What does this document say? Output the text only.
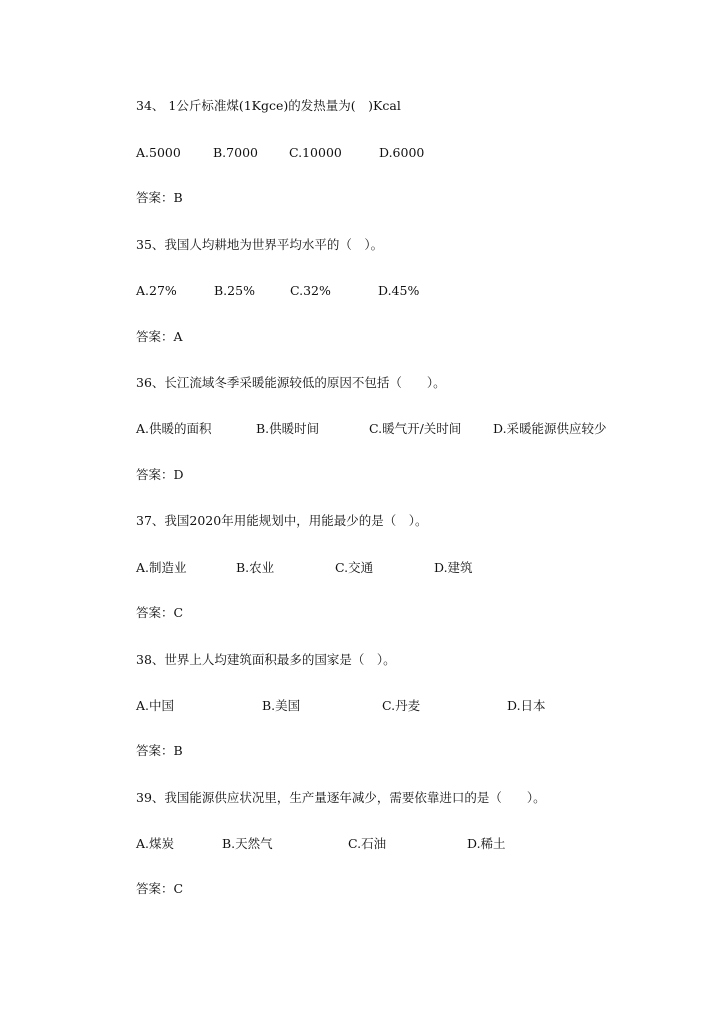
34、 1公斤标准煤(1Kgce)的发热量为(　)Kcal
A.5000	B.7000 C.10000	D.6000
答案：B
35、我国人均耕地为世界平均水平的（　）。
A.27%	B.25%	C.32%	D.45%
答案：A
36、长江流域冬季采暖能源较低的原因不包括（　　）。
A.供暖的面积	B.供暖时间	C.暖气开/关时间	D.采暖能源供应较少
答案：D
37、我国2020年用能规划中，用能最少的是（　）。
A.制造业	B.农业	C.交通	D.建筑
答案：C
38、世界上人均建筑面积最多的国家是（　）。
A.中国	B.美国	C.丹麦	D.日本
答案：B
39、我国能源供应状况里，生产量逐年减少，需要依靠进口的是（　　）。
A.煤炭	B.天然气	C.石油	D.稀土
答案：C
